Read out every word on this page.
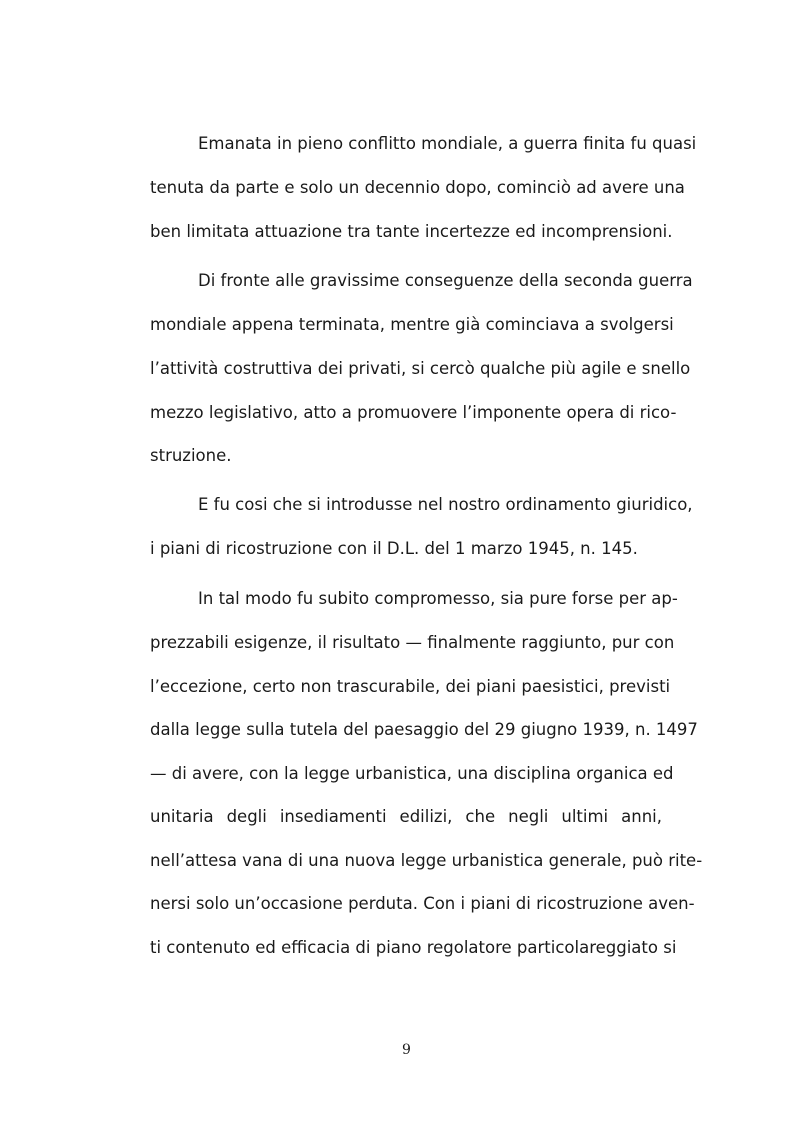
Emanata in pieno conflitto mondiale, a guerra finita fu quasi
tenuta da parte e solo un decennio dopo, cominciò ad avere una
ben limitata attuazione tra tante incertezze ed incomprensioni.
Di fronte alle gravissime conseguenze della seconda guerra
mondiale appena terminata, mentre già cominciava a svolgersi
l’attività costruttiva dei privati, si cercò qualche più agile e snello
mezzo legislativo, atto a promuovere l’imponente opera di rico-
struzione.
E fu cosi che si introdusse nel nostro ordinamento giuridico,
i piani di ricostruzione con il D.L. del 1 marzo 1945, n. 145.
In tal modo fu subito compromesso, sia pure forse per ap-
prezzabili esigenze, il risultato — finalmente raggiunto, pur con
l’eccezione, certo non trascurabile, dei piani paesistici, previsti
dalla legge sulla tutela del paesaggio del 29 giugno 1939, n. 1497
— di avere, con la legge urbanistica, una disciplina organica ed
unitaria degli insediamenti edilizi, che negli ultimi anni,
nell’attesa vana di una nuova legge urbanistica generale, può rite-
nersi solo un’occasione perduta. Con i piani di ricostruzione aven-
ti contenuto ed efficacia di piano regolatore particolareggiato si
9
